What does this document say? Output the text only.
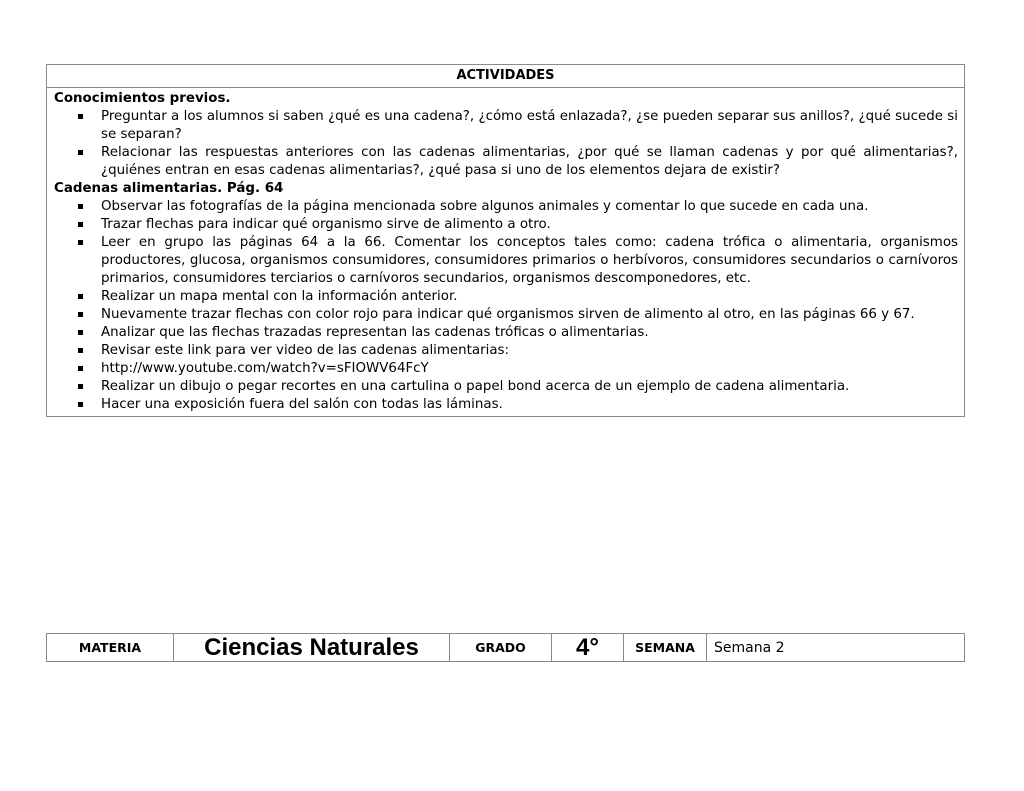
ACTIVIDADES
Conocimientos previos.
Preguntar a los alumnos si saben ¿qué es una cadena?, ¿cómo está enlazada?, ¿se pueden separar sus anillos?, ¿qué sucede si se separan?
Relacionar las respuestas anteriores con las cadenas alimentarias, ¿por qué se llaman cadenas y por qué alimentarias?, ¿quiénes entran en esas cadenas alimentarias?, ¿qué pasa si uno de los elementos dejara de existir?
Cadenas alimentarias. Pág. 64
Observar las fotografías de la página mencionada sobre algunos animales y comentar lo que sucede en cada una.
Trazar flechas para indicar qué organismo sirve de alimento a otro.
Leer en grupo las páginas 64 a la 66. Comentar los conceptos tales como: cadena trófica o alimentaria, organismos productores, glucosa, organismos consumidores, consumidores primarios o herbívoros, consumidores secundarios o carnívoros primarios, consumidores terciarios o carnívoros secundarios, organismos descomponedores, etc.
Realizar un mapa mental con la información anterior.
Nuevamente trazar flechas con color rojo para indicar qué organismos sirven de alimento al otro, en las páginas 66 y 67.
Analizar que las flechas trazadas representan las cadenas tróficas o alimentarias.
Revisar este link para ver video de las cadenas alimentarias:
http://www.youtube.com/watch?v=sFIOWV64FcY
Realizar un dibujo o pegar recortes en una cartulina o papel bond acerca de un ejemplo de cadena alimentaria.
Hacer una exposición fuera del salón con todas las láminas.
MATERIA	Ciencias Naturales	GRADO	4°	SEMANA	Semana 2
